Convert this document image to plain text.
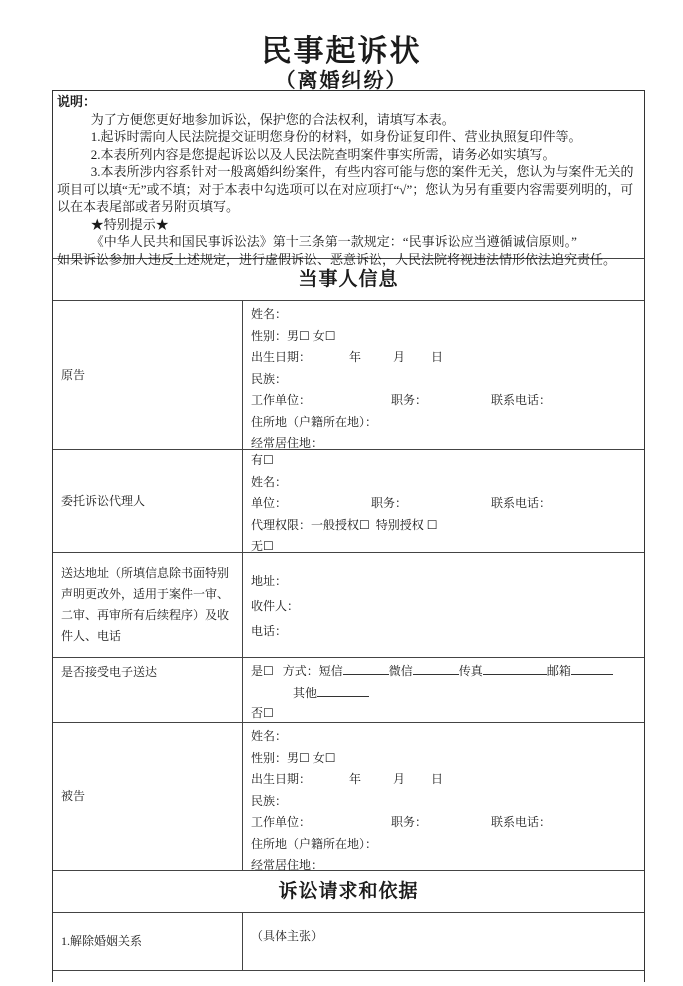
民事起诉状
（离婚纠纷）

说明：

为了方便您更好地参加诉讼，保护您的合法权利，请填写本表。

1.起诉时需向人民法院提交证明您身份的材料，如身份证复印件、营业执照复印件等。

2.本表所列内容是您提起诉讼以及人民法院查明案件事实所需，请务必如实填写。

3.本表所涉内容系针对一般离婚纠纷案件，有些内容可能与您的案件无关，您认为与案件无关的项目可以填“无”或不填；对于本表中勾选项可以在对应项打“√”；您认为另有重要内容需要列明的，可以在本表尾部或者另附页填写。

★特别提示★

《中华人民共和国民事诉讼法》第十三条第一款规定：“民事诉讼应当遵循诚信原则。”

如果诉讼参加人违反上述规定，进行虚假诉讼、恶意诉讼，人民法院将视违法情形依法追究责任。

当事人信息
原告
姓名：
性别：男☐ 女☐
出生日期：	年	月 日
民族：
工作单位：	职务：	联系电话：
住所地（户籍所在地）：
经常居住地：
委托诉讼代理人
有☐
姓名：
单位：	职务：	联系电话：
代理权限：一般授权☐ 特别授权 ☐
无☐
送达地址（所填信息除书面特别声明更改外，适用于案件一审、二审、再审所有后续程序）及收件人、电话
地址：
收件人：
电话：
是否接受电子送达	是☐ 方式：短信	微信	传真	邮箱
其他
否☐
被告
姓名：
性别：男☐ 女☐
出生日期：	年	月 日
民族：
工作单位：	职务：	联系电话：
住所地（户籍所在地）：
经常居住地：
诉讼请求和依据
1.解除婚姻关系	（具体主张）
